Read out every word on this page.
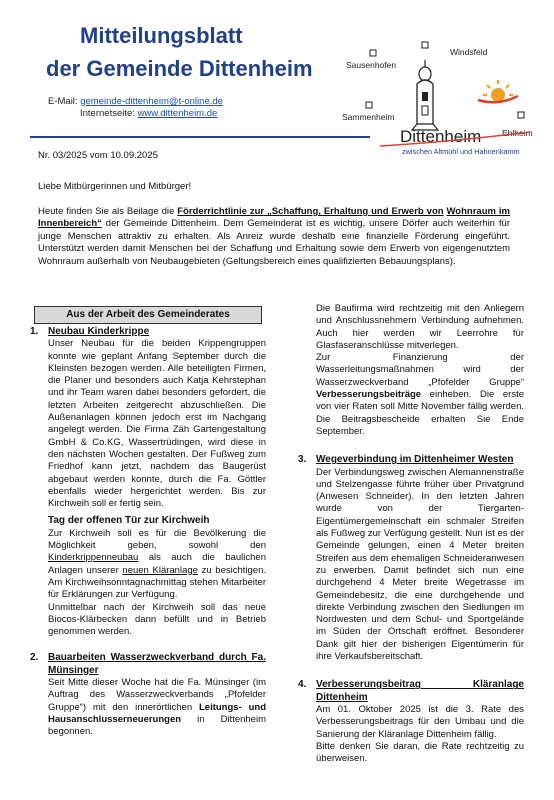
Mitteilungsblatt
der Gemeinde Dittenheim
E-Mail: gemeinde-dittenheim@t-online.de
Internetseite: www.dittenheim.de
Windsfeld
Sausenhofen
Sammenheim
Ehlheim
Dittenheim
zwischen Altmühl und Hahnenkamm
Nr. 03/2025 vom 10.09.2025
Liebe Mitbürgerinnen und Mitbürger!
Heute finden Sie als Beilage die Förderrichtlinie zur „Schaffung, Erhaltung und Erwerb von Wohnraum im Innenbereich“ der Gemeinde Dittenheim. Dem Gemeinderat ist es wichtig, unsere Dörfer auch weiterhin für junge Menschen attraktiv zu erhalten. Als Anreiz wurde deshalb eine finanzielle Förderung eingeführt. Unterstützt werden damit Menschen bei der Schaffung und Erhaltung sowie dem Erwerb von eigengenutztem Wohnraum außerhalb von Neubaugebieten (Geltungsbereich eines qualifizierten Bebauungsplans).
Aus der Arbeit des Gemeinderates
1. Neubau Kinderkrippe

Unser Neubau für die beiden Krippengruppen konnte wie geplant Anfang September durch die Kleinsten bezogen werden. Alle beteiligten Firmen, die Planer und besonders auch Katja Kehrstephan und ihr Team waren dabei besonders gefordert, die letzten Arbeiten zeitgerecht abzuschließen. Die Außenanlagen können jedoch erst im Nachgang angelegt werden. Die Firma Zäh Gartengestaltung GmbH & Co.KG, Wassertrüdingen, wird diese in den nächsten Wochen gestalten. Der Fußweg zum Friedhof kann jetzt, nachdem das Baugerüst abgebaut werden konnte, durch die Fa. Göttler ebenfalls wieder hergerichtet werden. Bis zur Kirchweih soll er fertig sein.

Tag der offenen Tür zur Kirchweih

Zur Kirchweih soll es für die Bevölkerung die Möglichkeit geben, sowohl den Kinderkrippenneubau als auch die baulichen Anlagen unserer neuen Kläranlage zu besichtigen. Am Kirchweihsonntagnachmittag stehen Mitarbeiter für Erklärungen zur Verfügung.

Unmittelbar nach der Kirchweih soll das neue Biocos-Klärbecken dann befüllt und in Betrieb genommen werden.

2. Bauarbeiten Wasserzweckverband durch Fa. Münsinger

Seit Mitte dieser Woche hat die Fa. Münsinger (im Auftrag des Wasserzweckverbands „Pfofelder Gruppe“) mit den innerörtlichen Leitungs- und Hausanschlusserneuerungen in Dittenheim begonnen.

Die Baufirma wird rechtzeitig mit den Anliegern und Anschlussnehmern Verbindung aufnehmen. Auch hier werden wir Leerrohre für Glasfaseranschlüsse mitverlegen.

Zur Finanzierung der Wasserleitungsmaßnahmen wird der Wasserzweckverband „Pfofelder Gruppe“ Verbesserungsbeiträge einheben. Die erste von vier Raten soll Mitte November fällig werden. Die Beitragsbescheide erhalten Sie Ende September.

3. Wegeverbindung im Dittenheimer Westen

Der Verbindungsweg zwischen Alemannenstraße und Stelzengasse führte früher über Privatgrund (Anwesen Schneider). In den letzten Jahren wurde von der Tiergarten-Eigentümergemeinschaft ein schmaler Streifen als Fußweg zur Verfügung gestellt. Nun ist es der Gemeinde gelungen, einen 4 Meter breiten Streifen aus dem ehemaligen Schneideranwesen zu erwerben. Damit befindet sich nun eine durchgehend 4 Meter breite Wegetrasse im Gemeindebesitz, die eine durchgehende und direkte Verbindung zwischen den Siedlungen im Nordwesten und dem Schul- und Sportgelände im Süden der Ortschaft eröffnet. Besonderer Dank gilt hier der bisherigen Eigentümerin für ihre Verkaufsbereitschaft.

4. Verbesserungsbeitrag Kläranlage Dittenheim

Am 01. Oktober 2025 ist die 3. Rate des Verbesserungsbeitrags für den Umbau und die Sanierung der Kläranlage Dittenheim fällig.

Bitte denken Sie daran, die Rate rechtzeitig zu überweisen.
